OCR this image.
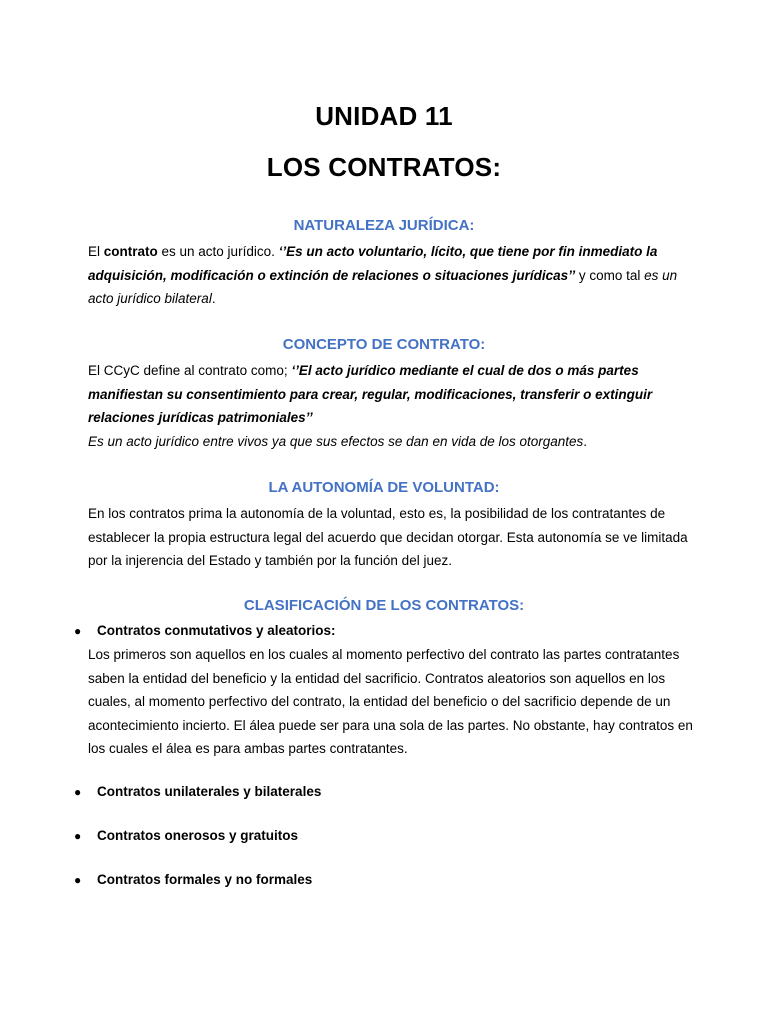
UNIDAD 11
LOS CONTRATOS:
NATURALEZA JURÍDICA:
El contrato es un acto jurídico. ‘’Es un acto voluntario, lícito, que tiene por fin inmediato la adquisición, modificación o extinción de relaciones o situaciones jurídicas’’ y como tal es un acto jurídico bilateral.
CONCEPTO DE CONTRATO:
El CCyC define al contrato como; ‘’El acto jurídico mediante el cual de dos o más partes manifiestan su consentimiento para crear, regular, modificaciones, transferir o extinguir relaciones jurídicas patrimoniales’’
Es un acto jurídico entre vivos ya que sus efectos se dan en vida de los otorgantes.
LA AUTONOMÍA DE VOLUNTAD:
En los contratos prima la autonomía de la voluntad, esto es, la posibilidad de los contratantes de establecer la propia estructura legal del acuerdo que decidan otorgar. Esta autonomía se ve limitada por la injerencia del Estado y también por la función del juez.
CLASIFICACIÓN DE LOS CONTRATOS:
● Contratos conmutativos y aleatorios:
Los primeros son aquellos en los cuales al momento perfectivo del contrato las partes contratantes saben la entidad del beneficio y la entidad del sacrificio. Contratos aleatorios son aquellos en los cuales, al momento perfectivo del contrato, la entidad del beneficio o del sacrificio depende de un acontecimiento incierto. El álea puede ser para una sola de las partes. No obstante, hay contratos en los cuales el álea es para ambas partes contratantes.
● Contratos unilaterales y bilaterales
● Contratos onerosos y gratuitos
● Contratos formales y no formales
